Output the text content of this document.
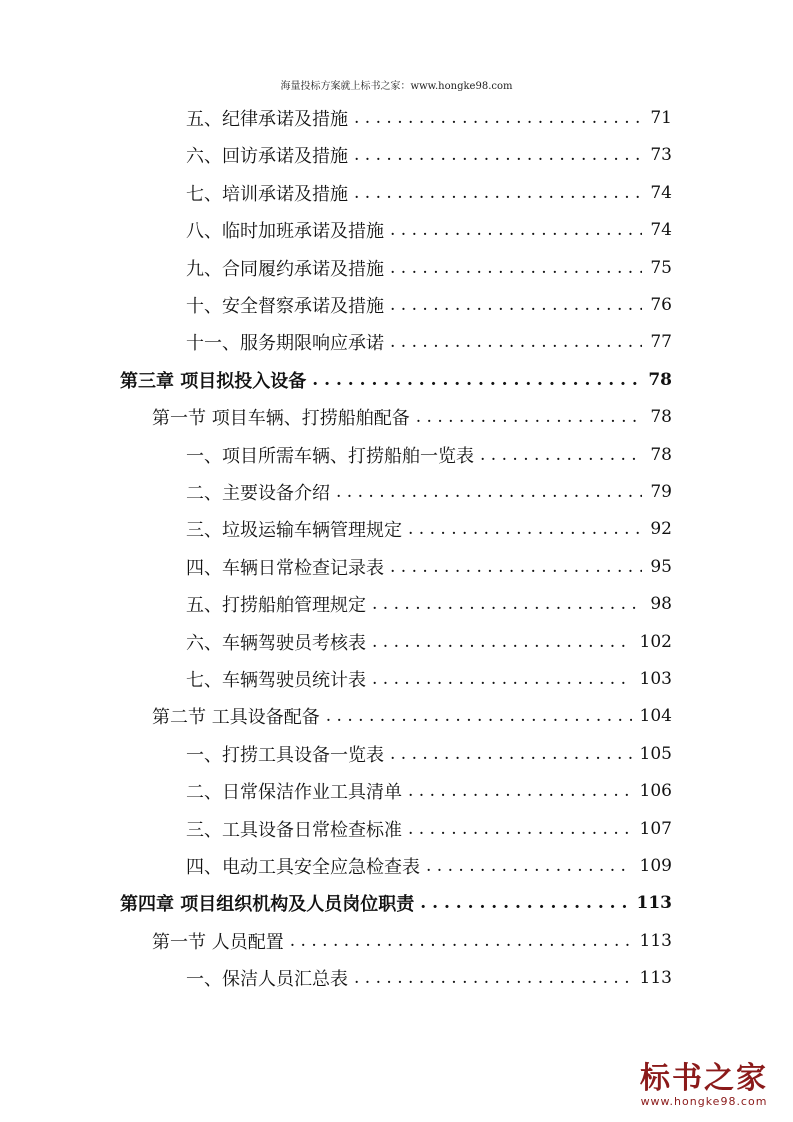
海量投标方案就上标书之家：www.hongke98.com
五、纪律承诺及措施 . . .	71
六、回访承诺及措施 . . .	73
七、培训承诺及措施 . . .	74
八、临时加班承诺及措施 . . .	74
九、合同履约承诺及措施 . . .	75
十、安全督察承诺及措施 . . .	76
十一、服务期限响应承诺 . . .	77
第三章 项目拟投入设备 . . .	78
第一节 项目车辆、打捞船舶配备 . . .	78
一、项目所需车辆、打捞船舶一览表 . . .	78
二、主要设备介绍 . . .	79
三、垃圾运输车辆管理规定 . . .	92
四、车辆日常检查记录表 . . .	95
五、打捞船舶管理规定 . . .	98
六、车辆驾驶员考核表 . . .	102
七、车辆驾驶员统计表 . . .	103
第二节 工具设备配备 . . .	104
一、打捞工具设备一览表 . . .	105
二、日常保洁作业工具清单 . . .	106
三、工具设备日常检查标准 . . .	107
四、电动工具安全应急检查表 . . .	109
第四章 项目组织机构及人员岗位职责 . . .	113
第一节 人员配置 . . .	113
一、保洁人员汇总表 . . .	113
标书之家
www.hongke98.com
